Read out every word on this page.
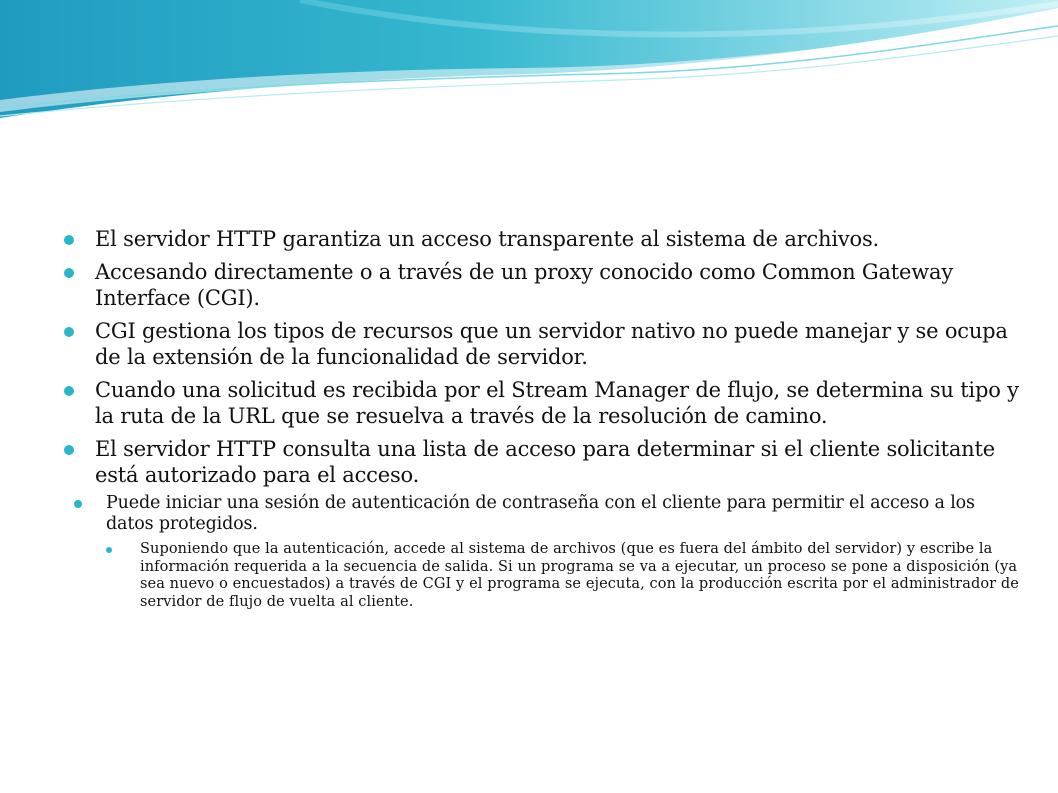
El servidor HTTP garantiza un acceso transparente al sistema de archivos.
Accesando directamente o a través de un proxy conocido como Common Gateway Interface (CGI).
CGI gestiona los tipos de recursos que un servidor nativo no puede manejar y se ocupa de la extensión de la funcionalidad de servidor.
Cuando una solicitud es recibida por el Stream Manager de flujo, se determina su tipo y la ruta de la URL que se resuelva a través de la resolución de camino.
El servidor HTTP consulta una lista de acceso para determinar si el cliente solicitante está autorizado para el acceso.
Puede iniciar una sesión de autenticación de contraseña con el cliente para permitir el acceso a los datos protegidos.
Suponiendo que la autenticación, accede al sistema de archivos (que es fuera del ámbito del servidor) y escribe la información requerida a la secuencia de salida. Si un programa se va a ejecutar, un proceso se pone a disposición (ya sea nuevo o encuestados) a través de CGI y el programa se ejecuta, con la producción escrita por el administrador de servidor de flujo de vuelta al cliente.
